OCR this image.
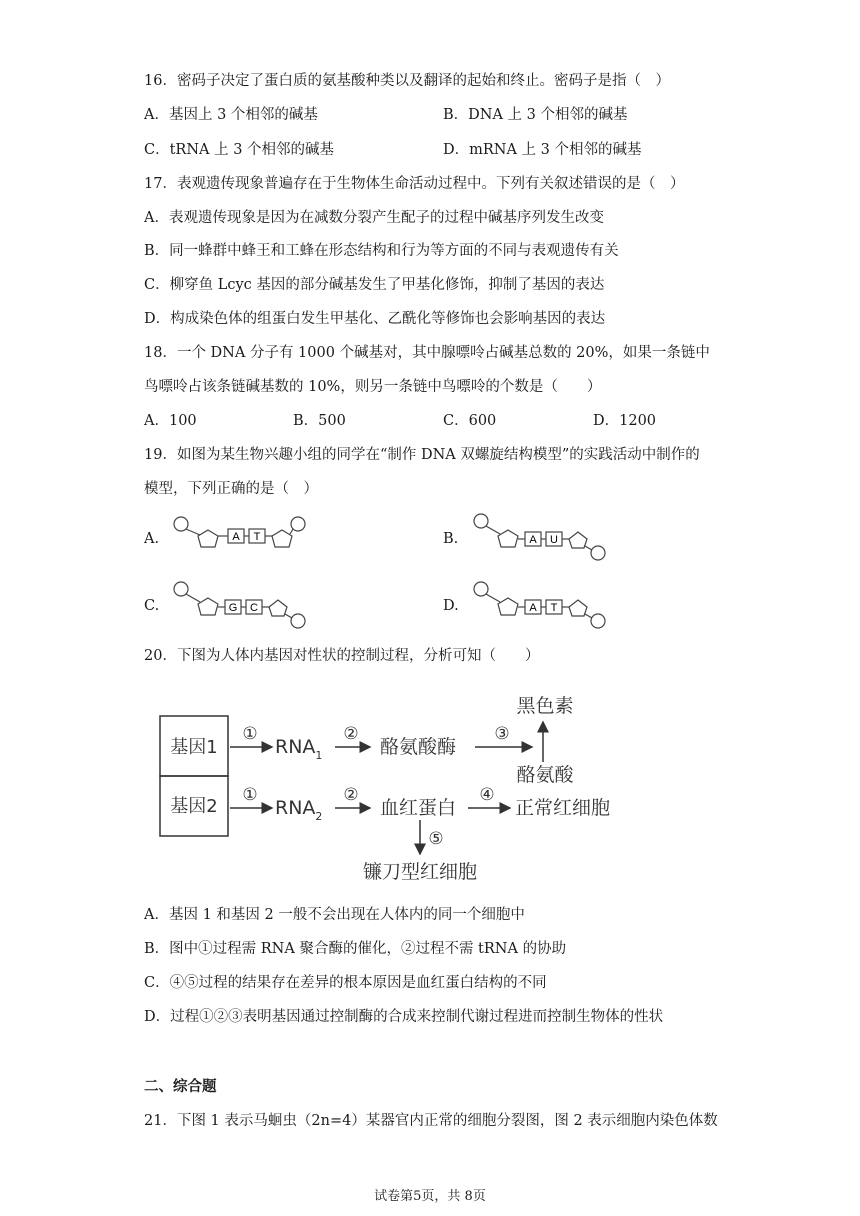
16．密码子决定了蛋白质的氨基酸种类以及翻译的起始和终止。密码子是指（　）
A．基因上 3 个相邻的碱基	B．DNA 上 3 个相邻的碱基
C．tRNA 上 3 个相邻的碱基	D．mRNA 上 3 个相邻的碱基
17．表观遗传现象普遍存在于生物体生命活动过程中。下列有关叙述错误的是（　）
A．表观遗传现象是因为在减数分裂产生配子的过程中碱基序列发生改变
B．同一蜂群中蜂王和工蜂在形态结构和行为等方面的不同与表观遗传有关
C．柳穿鱼 Lcyc 基因的部分碱基发生了甲基化修饰，抑制了基因的表达
D．构成染色体的组蛋白发生甲基化、乙酰化等修饰也会影响基因的表达
18．一个 DNA 分子有 1000 个碱基对，其中腺嘌呤占碱基总数的 20%，如果一条链中
鸟嘌呤占该条链碱基数的 10%，则另一条链中鸟嘌呤的个数是（　　）
A．100	B．500	C．600	D．1200
19．如图为某生物兴趣小组的同学在“制作 DNA 双螺旋结构模型”的实践活动中制作的
模型，下列正确的是（　）
A.	A T	B.	A U
C.	G C	D.	A T
20．下图为人体内基因对性状的控制过程，分析可知（　　）
基因1
基因2
①
$RNA_1$
②
酪氨酸酶
③
黑色素
酪氨酸
①
$RNA_2$
②
血红蛋白
④
正常红细胞
⑤
镰刀型红细胞
A．基因 1 和基因 2 一般不会出现在人体内的同一个细胞中
B．图中①过程需 RNA 聚合酶的催化，②过程不需 tRNA 的协助
C．④⑤过程的结果存在差异的根本原因是血红蛋白结构的不同
D．过程①②③表明基因通过控制酶的合成来控制代谢过程进而控制生物体的性状
二、综合题
21．下图 1 表示马蛔虫（2n=4）某器官内正常的细胞分裂图，图 2 表示细胞内染色体数
试卷第5页，共 8页
